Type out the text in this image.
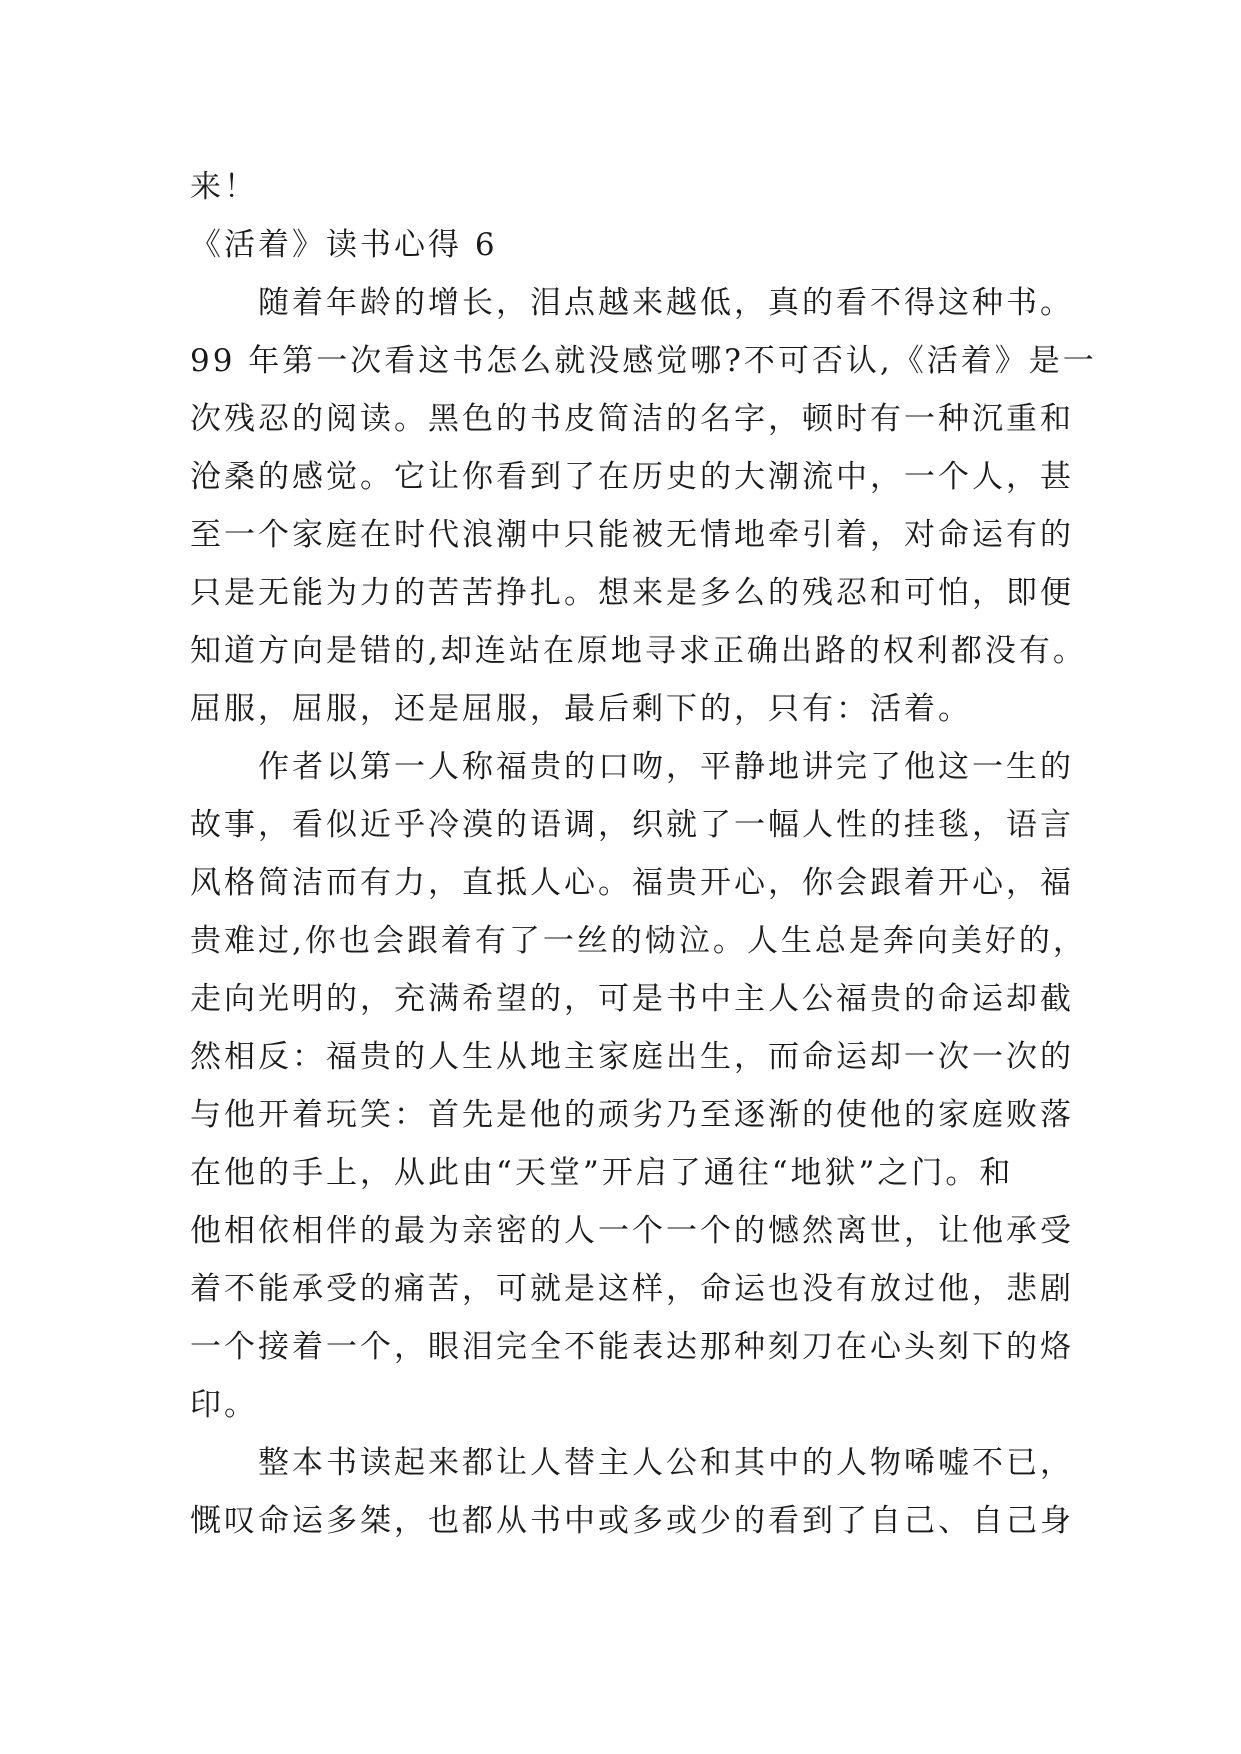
来！
《活着》读书心得 6
随着年龄的增长，泪点越来越低，真的看不得这种书。
99 年第一次看这书怎么就没感觉哪?不可否认,《活着》是一
次残忍的阅读。黑色的书皮简洁的名字，顿时有一种沉重和
沧桑的感觉。它让你看到了在历史的大潮流中，一个人，甚
至一个家庭在时代浪潮中只能被无情地牵引着，对命运有的
只是无能为力的苦苦挣扎。想来是多么的残忍和可怕，即便
知道方向是错的,却连站在原地寻求正确出路的权利都没有。
屈服，屈服，还是屈服，最后剩下的，只有：活着。
作者以第一人称福贵的口吻，平静地讲完了他这一生的
故事，看似近乎冷漠的语调，织就了一幅人性的挂毯，语言
风格简洁而有力，直抵人心。福贵开心，你会跟着开心，福
贵难过,你也会跟着有了一丝的恸泣。人生总是奔向美好的，
走向光明的，充满希望的，可是书中主人公福贵的命运却截
然相反：福贵的人生从地主家庭出生，而命运却一次一次的
与他开着玩笑：首先是他的顽劣乃至逐渐的使他的家庭败落
在他的手上，从此由“天堂”开启了通往“地狱”之门。和
他相依相伴的最为亲密的人一个一个的憾然离世，让他承受
着不能承受的痛苦，可就是这样，命运也没有放过他，悲剧
一个接着一个，眼泪完全不能表达那种刻刀在心头刻下的烙
印。
整本书读起来都让人替主人公和其中的人物唏嘘不已，
慨叹命运多桀，也都从书中或多或少的看到了自己、自己身
